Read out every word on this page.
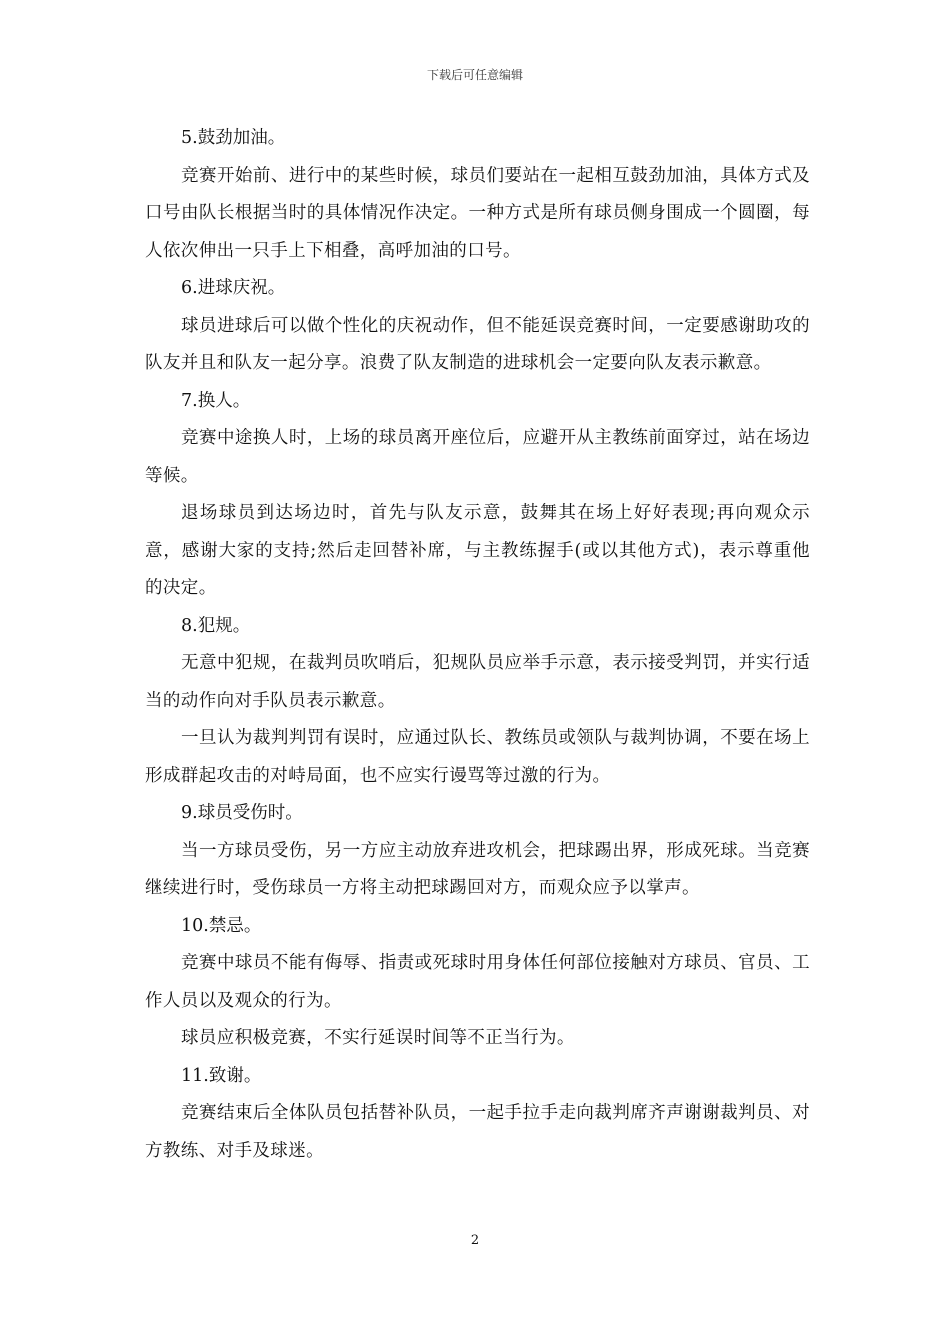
下载后可任意编辑

5.鼓劲加油。

竞赛开始前、进行中的某些时候，球员们要站在一起相互鼓劲加油，具体方式及口号由队长根据当时的具体情况作决定。一种方式是所有球员侧身围成一个圆圈，每人依次伸出一只手上下相叠，高呼加油的口号。

6.进球庆祝。

球员进球后可以做个性化的庆祝动作，但不能延误竞赛时间，一定要感谢助攻的队友并且和队友一起分享。浪费了队友制造的进球机会一定要向队友表示歉意。

7.换人。

竞赛中途换人时，上场的球员离开座位后，应避开从主教练前面穿过，站在场边等候。

退场球员到达场边时，首先与队友示意，鼓舞其在场上好好表现;再向观众示意，感谢大家的支持;然后走回替补席，与主教练握手(或以其他方式)，表示尊重他的决定。

8.犯规。

无意中犯规，在裁判员吹哨后，犯规队员应举手示意，表示接受判罚，并实行适当的动作向对手队员表示歉意。

一旦认为裁判判罚有误时，应通过队长、教练员或领队与裁判协调，不要在场上形成群起攻击的对峙局面，也不应实行谩骂等过激的行为。

9.球员受伤时。

当一方球员受伤，另一方应主动放弃进攻机会，把球踢出界，形成死球。当竞赛继续进行时，受伤球员一方将主动把球踢回对方，而观众应予以掌声。

10.禁忌。

竞赛中球员不能有侮辱、指责或死球时用身体任何部位接触对方球员、官员、工作人员以及观众的行为。

球员应积极竞赛，不实行延误时间等不正当行为。

11.致谢。

竞赛结束后全体队员包括替补队员，一起手拉手走向裁判席齐声谢谢裁判员、对方教练、对手及球迷。

2
